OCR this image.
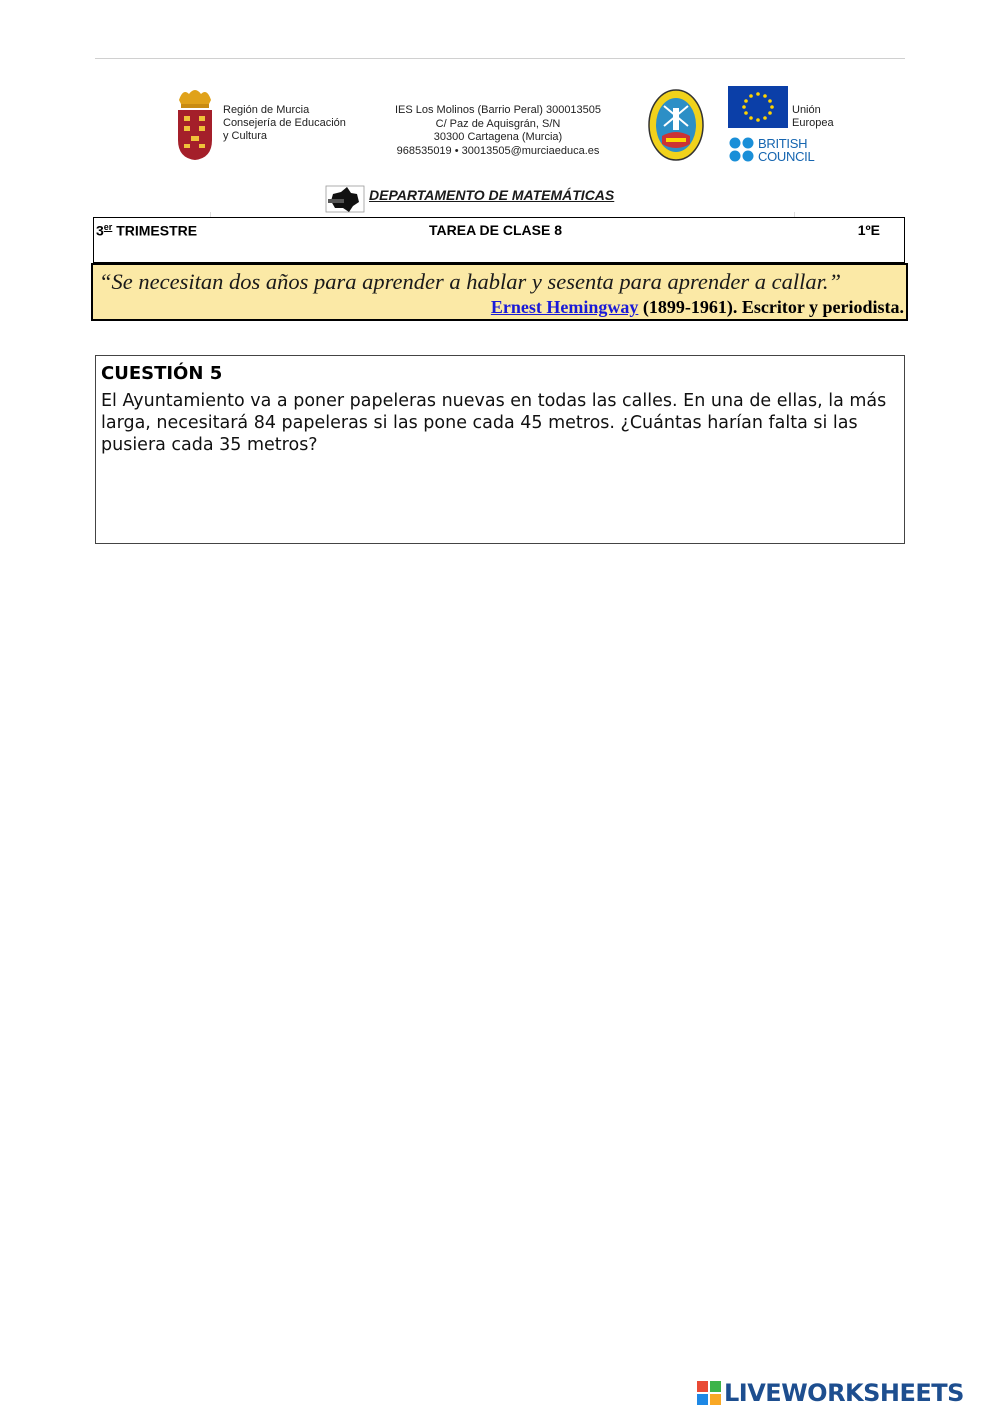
Región de Murcia
Consejería de Educación
y Cultura
IES Los Molinos (Barrio Peral) 300013505
C/ Paz de Aquisgrán, S/N
30300 Cartagena (Murcia)
968535019 • 30013505@murciaeduca.es
Unión
Europea
BRITISH
COUNCIL
DEPARTAMENTO DE MATEMÁTICAS
3er TRIMESTRE	TAREA DE CLASE 8	1ºE
“Se necesitan dos años para aprender a hablar y sesenta para aprender a callar.”
Ernest Hemingway (1899-1961). Escritor y periodista.
CUESTIÓN 5
El Ayuntamiento va a poner papeleras nuevas en todas las calles. En una de ellas, la más larga, necesitará 84 papeleras si las pone cada 45 metros. ¿Cuántas harían falta si las pusiera cada 35 metros?
LIVEWORKSHEETS
